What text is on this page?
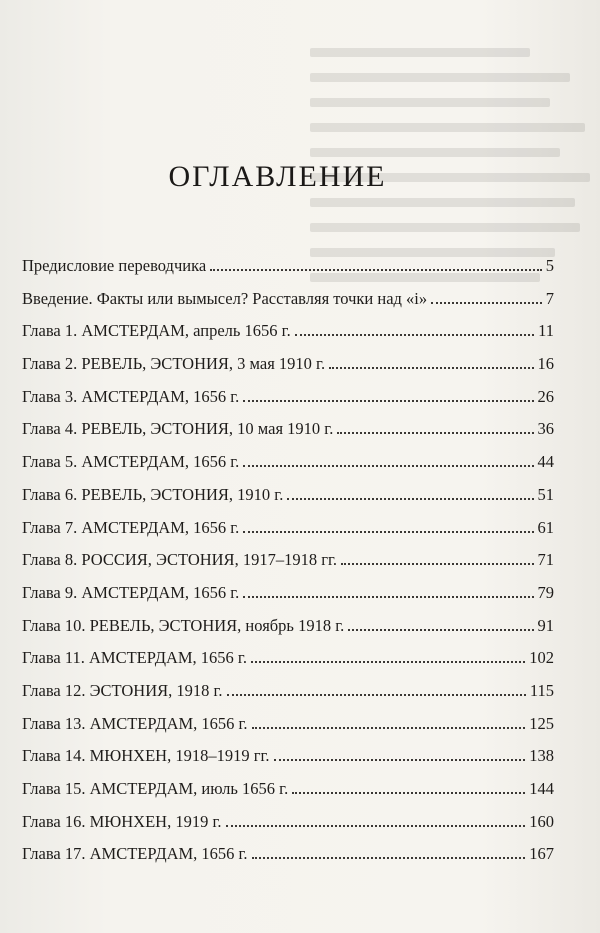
ОГЛАВЛЕНИЕ
Предисловие переводчика	5
Введение. Факты или вымысел? Расставляя точки над «i»	7
Глава 1. АМСТЕРДАМ, апрель 1656 г.	11
Глава 2. РЕВЕЛЬ, ЭСТОНИЯ, 3 мая 1910 г.	16
Глава 3. АМСТЕРДАМ, 1656 г.	26
Глава 4. РЕВЕЛЬ, ЭСТОНИЯ, 10 мая 1910 г.	36
Глава 5. АМСТЕРДАМ, 1656 г.	44
Глава 6. РЕВЕЛЬ, ЭСТОНИЯ, 1910 г.	51
Глава 7. АМСТЕРДАМ, 1656 г.	61
Глава 8. РОССИЯ, ЭСТОНИЯ, 1917–1918 гг.	71
Глава 9. АМСТЕРДАМ, 1656 г.	79
Глава 10. РЕВЕЛЬ, ЭСТОНИЯ, ноябрь 1918 г.	91
Глава 11. АМСТЕРДАМ, 1656 г.	102
Глава 12. ЭСТОНИЯ, 1918 г.	115
Глава 13. АМСТЕРДАМ, 1656 г.	125
Глава 14. МЮНХЕН, 1918–1919 гг.	138
Глава 15. АМСТЕРДАМ, июль 1656 г.	144
Глава 16. МЮНХЕН, 1919 г.	160
Глава 17. АМСТЕРДАМ, 1656 г.	167
